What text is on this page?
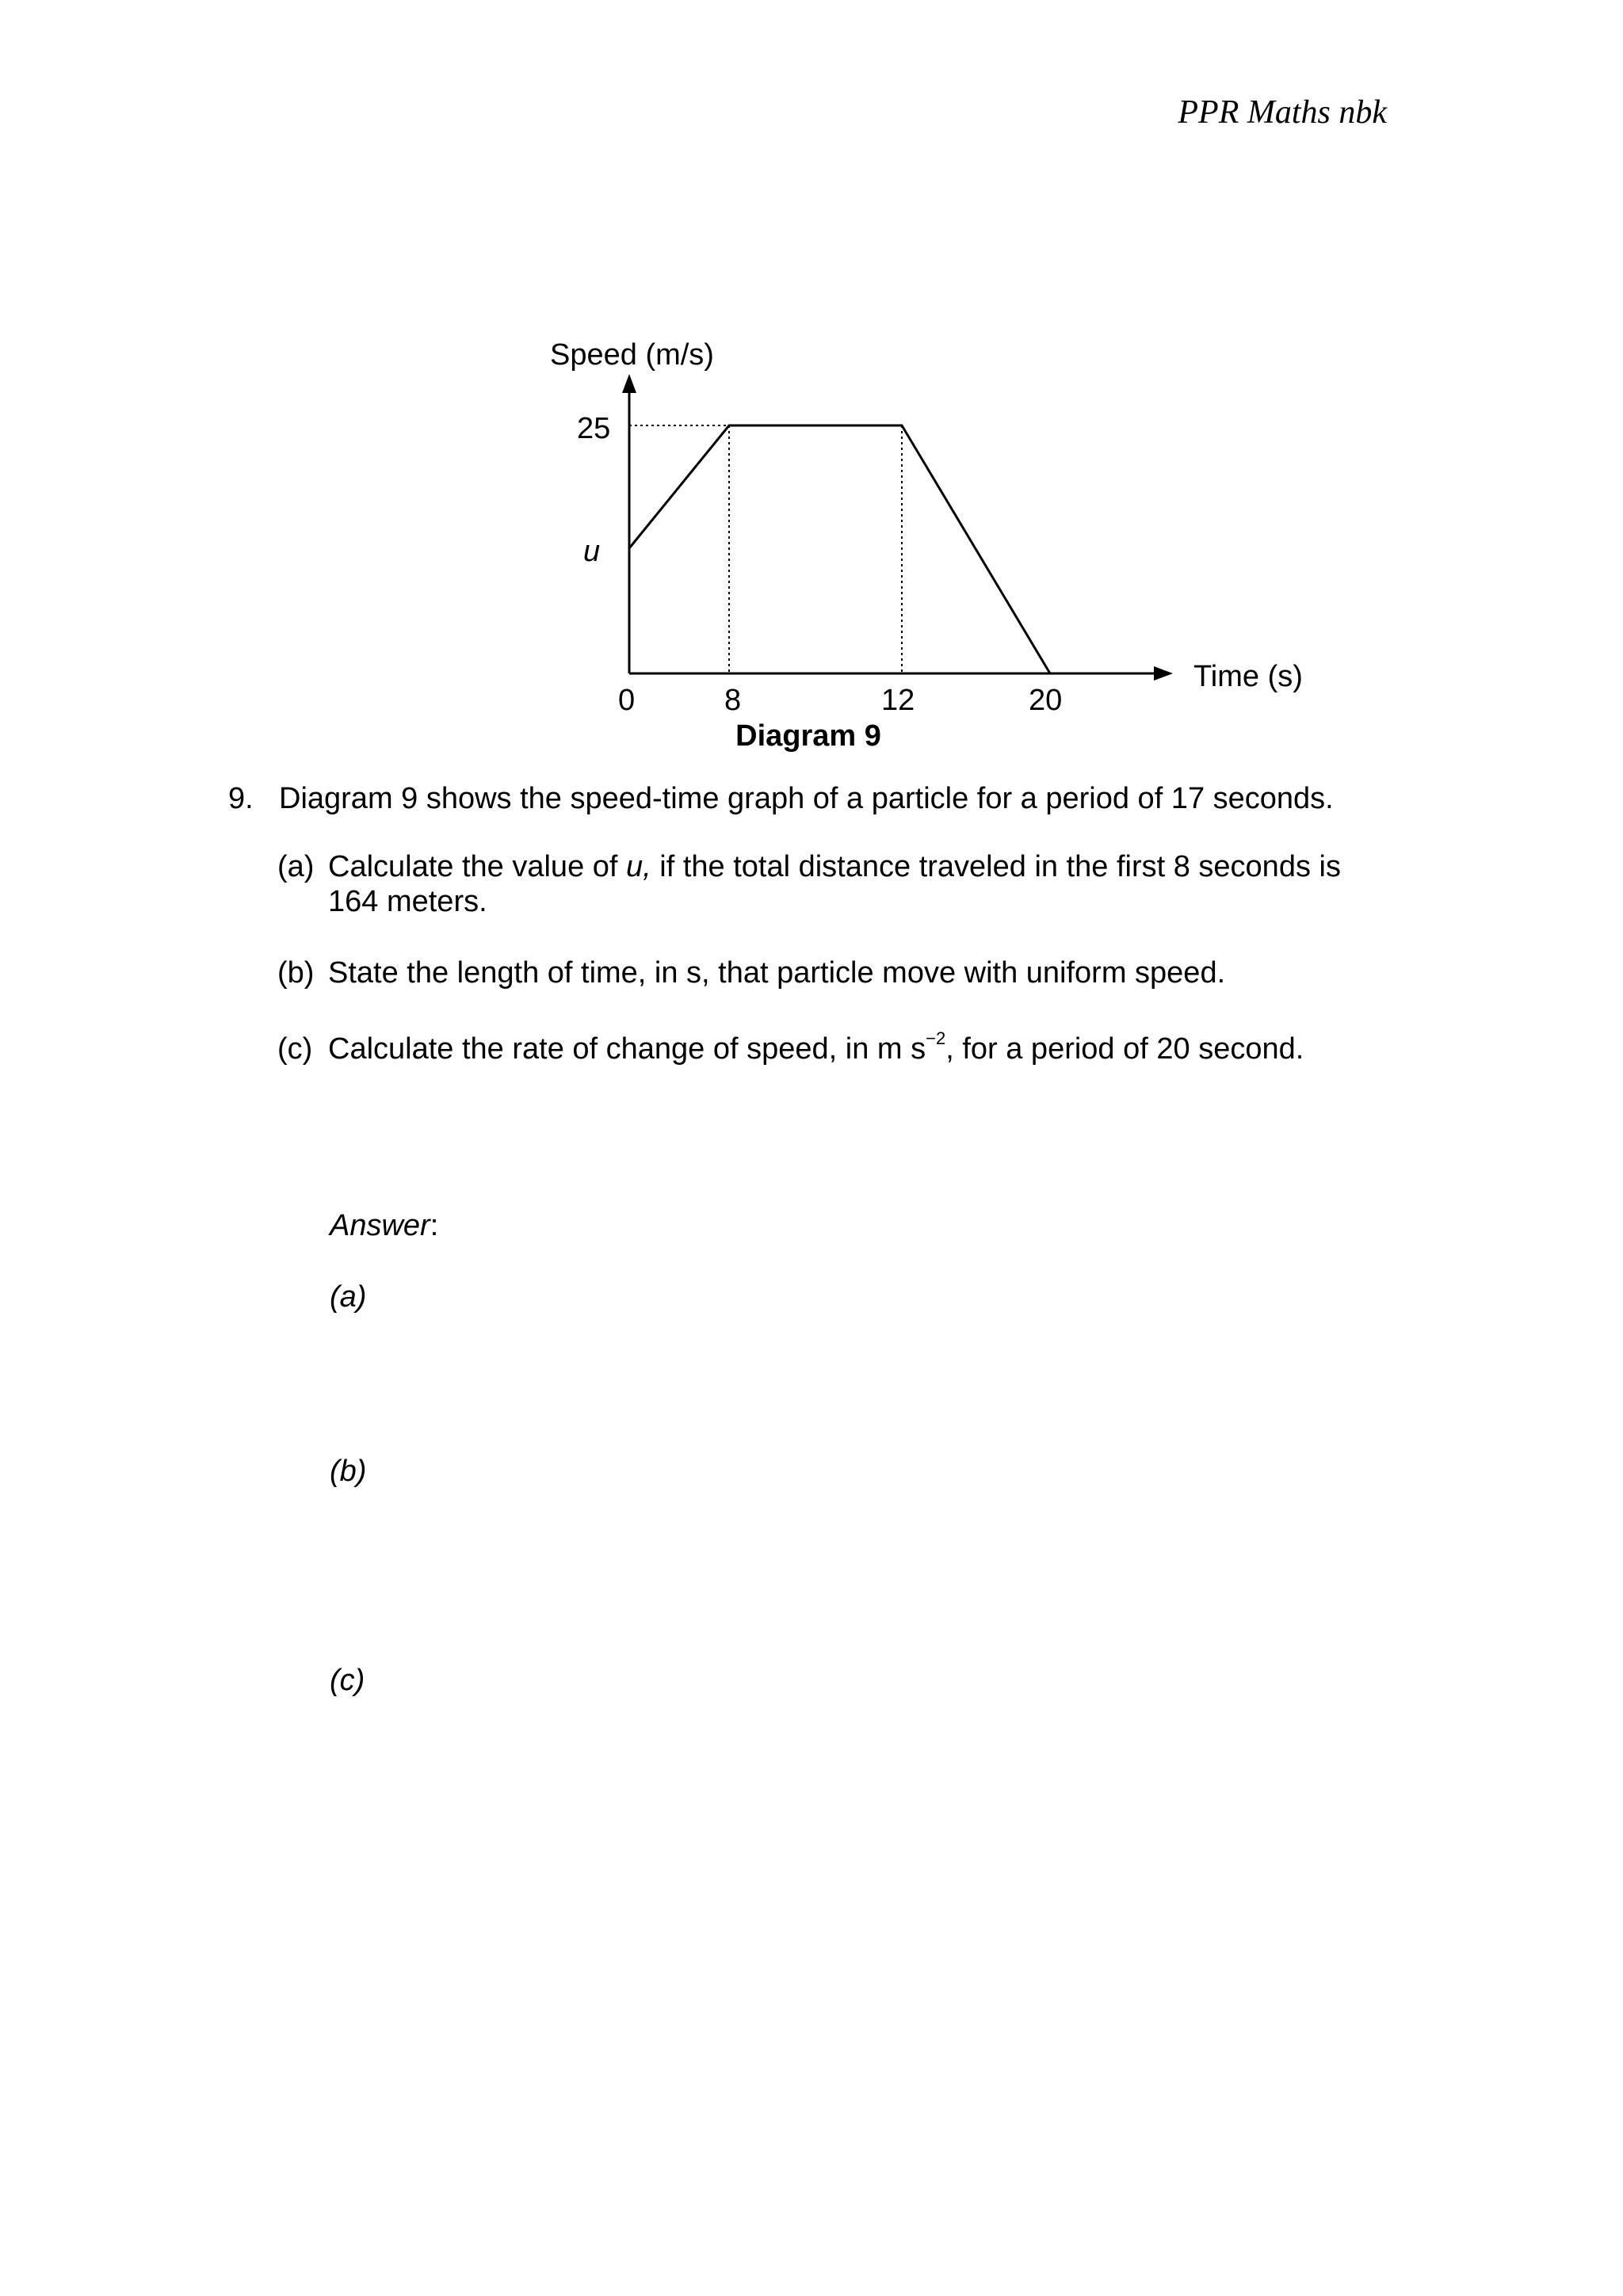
PPR Maths nbk
Speed (m/s)
25
u
Time (s)
0	8	12	20
Diagram 9
9. Diagram 9 shows the speed-time graph of a particle for a period of 17 seconds.
(a) Calculate the value of u, if the total distance traveled in the first 8 seconds is 164 meters.
(b) State the length of time, in s, that particle move with uniform speed.
(c) Calculate the rate of change of speed, in m $s^{-2}$, for a period of 20 second.
Answer:
(a)
(b)
(c)
